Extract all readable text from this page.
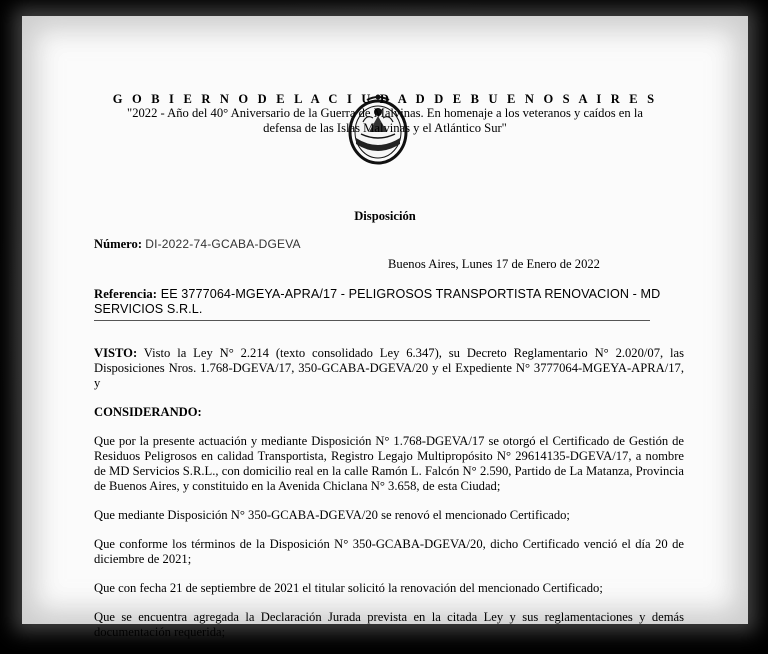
G O B I E R N O D E L A C I U D A D D E B U E N O S A I R E S
"2022 - Año del 40° Aniversario de la Guerra de Malvinas. En homenaje a los veteranos y caídos en la
defensa de las Islas Malvinas y el Atlántico Sur"
Disposición
Número: DI-2022-74-GCABA-DGEVA
Buenos Aires, Lunes 17 de Enero de 2022
Referencia: EE 3777064-MGEYA-APRA/17 - PELIGROSOS TRANSPORTISTA RENOVACION - MD
SERVICIOS S.R.L.

VISTO: Visto la Ley N° 2.214 (texto consolidado Ley 6.347), su Decreto Reglamentario N° 2.020/07, las Disposiciones Nros. 1.768-DGEVA/17, 350-GCABA-DGEVA/20 y el Expediente N° 3777064-MGEYA-APRA/17, y

CONSIDERANDO:

Que por la presente actuación y mediante Disposición N° 1.768-DGEVA/17 se otorgó el Certificado de Gestión de Residuos Peligrosos en calidad Transportista, Registro Legajo Multipropósito N° 29614135-DGEVA/17, a nombre de MD Servicios S.R.L., con domicilio real en la calle Ramón L. Falcón N° 2.590, Partido de La Matanza, Provincia de Buenos Aires, y constituido en la Avenida Chiclana N° 3.658, de esta Ciudad;

Que mediante Disposición N° 350-GCABA-DGEVA/20 se renovó el mencionado Certificado;

Que conforme los términos de la Disposición N° 350-GCABA-DGEVA/20, dicho Certificado venció el día 20 de diciembre de 2021;

Que con fecha 21 de septiembre de 2021 el titular solicitó la renovación del mencionado Certificado;

Que se encuentra agregada la Declaración Jurada prevista en la citada Ley y sus reglamentaciones y demás documentación requerida;
